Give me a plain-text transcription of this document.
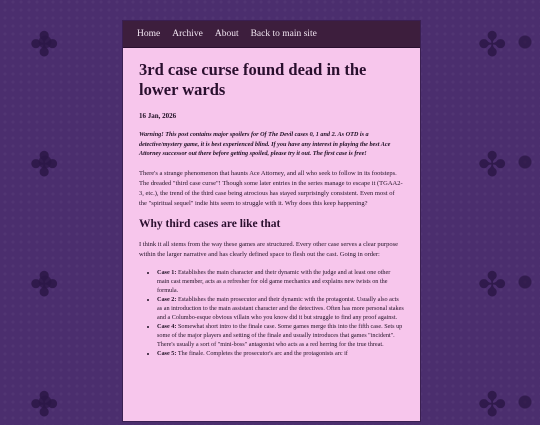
✤
✤
✤
✤
✤
✤
✤
✤
Home Archive About Back to main site
3rd case curse found dead in the lower wards

16 Jan, 2026

Warning! This post contains major spoilers for Of The Devil cases 0, 1 and 2. As OTD is a detective/mystery game, it is best experienced blind. If you have any interest in playing the best Ace Attorney successor out there before getting spoiled, please try it out. The first case is free!

There's a strange phenomenon that haunts Ace Attorney, and all who seek to follow in its footsteps. The dreaded "third case curse"! Though some later entries in the series manage to escape it (TGAA2-3, etc.), the trend of the third case being atrocious has stayed surprisingly consistent. Even most of the "spiritual sequel" indie hits seem to struggle with it. Why does this keep happening?

Why third cases are like that

I think it all stems from the way these games are structured. Every other case serves a clear purpose within the larger narrative and has clearly defined space to flesh out the cast. Going in order:

• Case 1: Establishes the main character and their dynamic with the judge and at least one other main cast member, acts as a refresher for old game mechanics and explains new twists on the formula.
• Case 2: Establishes the main prosecutor and their dynamic with the protagonist. Usually also acts as an introduction to the main assistant character and the detectives. Often has more personal stakes and a Columbo-esque obvious villain who you know did it but struggle to find any proof against.
• Case 4: Somewhat short intro to the finale case. Some games merge this into the fifth case. Sets up some of the major players and setting of the finale and usually introduces that games "incident". There's usually a sort of "mini-boss" antagonist who acts as a red herring for the true threat.
• Case 5: The finale. Completes the prosecutor's arc and the protagonists arc if
